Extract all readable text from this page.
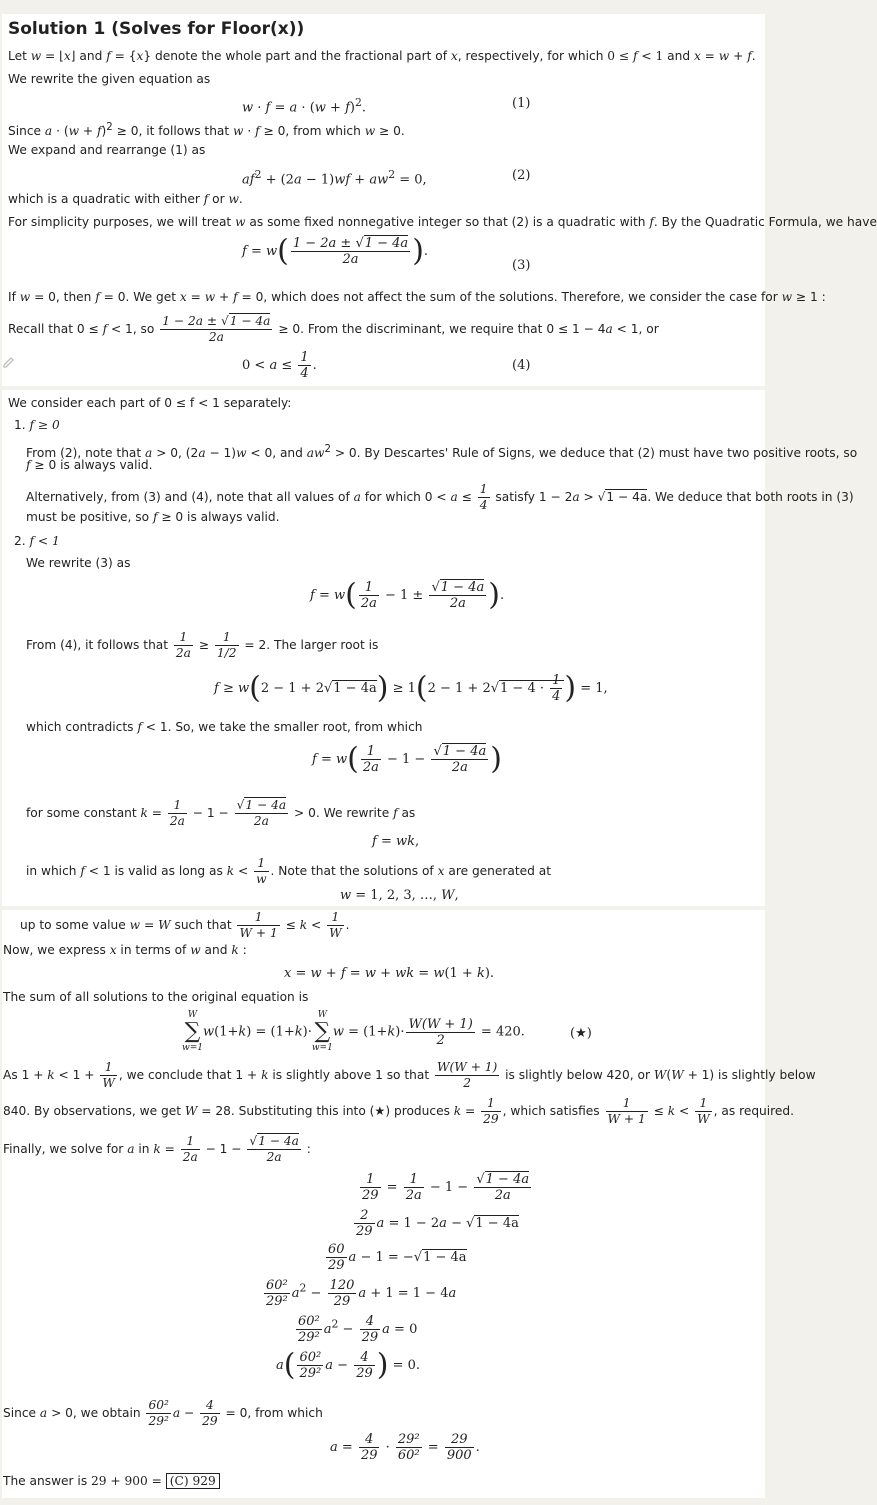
Solution 1 (Solves for Floor(x))
Let w = ⌊x⌋ and f = {x} denote the whole part and the fractional part of x, respectively, for which 0 ≤ f < 1 and x = w + f.
We rewrite the given equation as
$w \cdot f = a \cdot (w + f)^2$.	(1)
Since $a \cdot (w + f)^2 \ge 0$, it follows that w · f ≥ 0, from which w ≥ 0.
We expand and rearrange (1) as
$af^2 + (2a - 1)wf + aw^2 = 0$,	(2)
which is a quadratic with either f or w.
For simplicity purposes, we will treat w as some fixed nonnegative integer so that (2) is a quadratic with f. By the Quadratic Formula, we have
$f = w( \frac{1 - 2a \pm √1 - 4a}{2a}$ ).
(3)
If w = 0, then f = 0. We get x = w + f = 0, which does not affect the sum of the solutions. Therefore, we consider the case for w ≥ 1 :
Recall that 0 ≤ f < 1, so $\frac{1 - 2a \pm √1 - 4a}{2a} \ge 0$. From the discriminant, we require that 0 ≤ 1 − 4a < 1, or
$0 < a \le \frac{1}{4}$ .	(4)
We consider each part of 0 ≤ f < 1 separately:
1. f ≥ 0
From (2), note that a > 0, (2a − 1)w < 0, and $aw^2 > 0$. By Descartes' Rule of Signs, we deduce that (2) must have two positive roots, so
f ≥ 0 is always valid.
Alternatively, from (3) and (4), note that all values of a for which $0 < a \le \frac{1}{4}$ satisfy 1 − 2a > √1 − 4a. We deduce that both roots in (3)
must be positive, so f ≥ 0 is always valid.
2. f < 1
We rewrite (3) as
$f = w( \frac{1}{2a} - 1 \pm \frac{√1 - 4a}{2a}$ ).
From (4), it follows that $\frac{1}{2a} \ge \frac{1}{1/2} = 2$. The larger root is
$f \ge w(2 - 1 + 2√1 - 4a) \ge 1(2 - 1 + 2√1 - 4 \cdot \frac{1}{4}$ ) = 1,
which contradicts f < 1. So, we take the smaller root, from which
$f = w( \frac{1}{2a} - 1 - \frac{√1 - 4a}{2a}$ )
for some constant $k = \frac{1}{2a} - 1 - \frac{√1 - 4a}{2a} > 0$. We rewrite f as
f = wk,
in which f < 1 is valid as long as $k < \frac{1}{w}$ . Note that the solutions of x are generated at
w = 1, 2, 3, …, W,
up to some value w = W such that $\frac{1}{W + 1} \le k < \frac{1}{W}$ .
Now, we express x in terms of w and k :
x = w + f = w + wk = w(1 + k).
The sum of all solutions to the original equation is
W
∑
w=1
w(1+k) = (1+k)·
W
∑
w=1
$w = (1+k)\cdot \frac{W(W + 1)}{2} = 420$.	(★)
As $1 + k < 1 + \frac{1}{W}$ , we conclude that 1 + k is slightly above 1 so that $\frac{W(W + 1)}{2}$ is slightly below 420, or W(W + 1) is slightly below
840. By observations, we get W = 28. Substituting this into (★) produces $k = \frac{1}{29}$ , which satisfies $\frac{1}{W + 1} \le k < \frac{1}{W}$ , as required.
Finally, we solve for a in $k = \frac{1}{2a} - 1 - \frac{√1 - 4a}{2a}$ :
$\frac{1}{29} = \frac{1}{2a} - 1 - \frac{√1 - 4a}{2a}$
$\frac{2}{29}$ a = 1 − 2a − √1 − 4a
$\frac{60}{29}$ a − 1 = −√1 − 4a
$\frac{\text{60²}}{\text{29²}} a^2 - \frac{120}{29}$ a + 1 = 1 − 4a
$\frac{\text{60²}}{\text{29²}} a^2 - \frac{4}{29}$ a = 0
$a( \frac{\text{60²}}{\text{29²}}$ $a - \frac{4}{29}$ ) = 0.
Since a > 0, we obtain $\frac{\text{60²}}{\text{29²}}$ $a - \frac{4}{29} = 0$, from which
$a = \frac{4}{29} \cdot \frac{\text{29²}}{\text{60²}} = \frac{29}{900}$ .
The answer is 29 + 900 = (C) 929
